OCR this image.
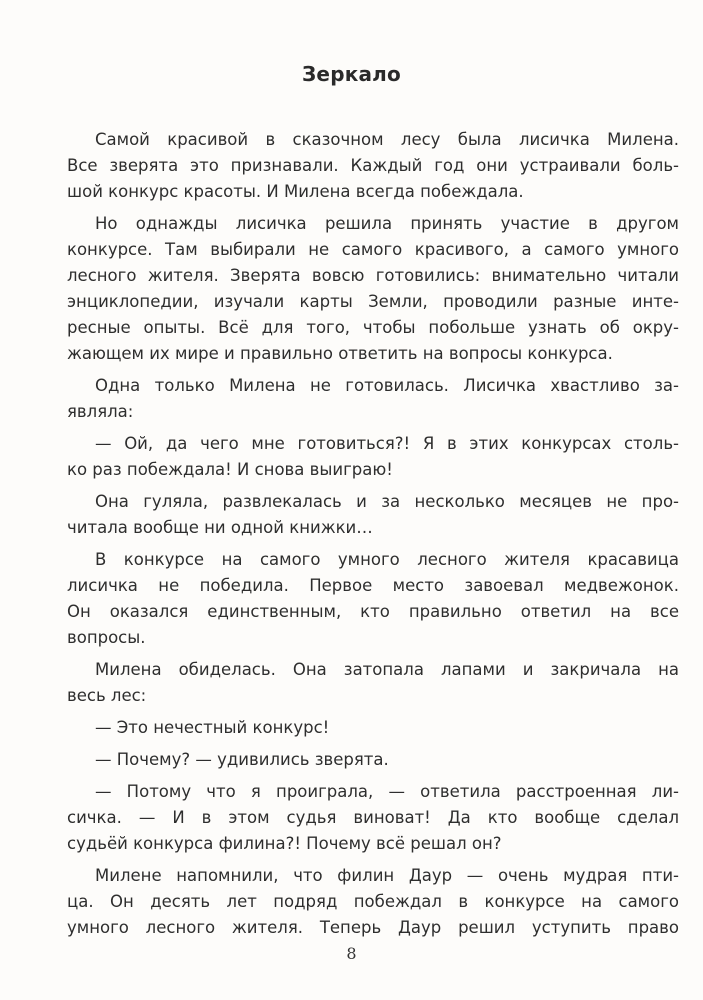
Зеркало
Самой красивой в сказочном лесу была лисичка Милена.
Все зверята это признавали. Каждый год они устраивали боль-
шой конкурс красоты. И Милена всегда побеждала.
Но однажды лисичка решила принять участие в другом
конкурсе. Там выбирали не самого красивого, а самого умного
лесного жителя. Зверята вовсю готовились: внимательно читали
энциклопедии, изучали карты Земли, проводили разные инте-
ресные опыты. Всё для того, чтобы побольше узнать об окру-
жающем их мире и правильно ответить на вопросы конкурса.
Одна только Милена не готовилась. Лисичка хвастливо за-
являла:
— Ой, да чего мне готовиться?! Я в этих конкурсах столь-
ко раз побеждала! И снова выиграю!
Она гуляла, развлекалась и за несколько месяцев не про-
читала вообще ни одной книжки…
В конкурсе на самого умного лесного жителя красавица
лисичка не победила. Первое место завоевал медвежонок.
Он оказался единственным, кто правильно ответил на все
вопросы.
Милена обиделась. Она затопала лапами и закричала на
весь лес:
— Это нечестный конкурс!
— Почему? — удивились зверята.
— Потому что я проиграла, — ответила расстроенная ли-
сичка. — И в этом судья виноват! Да кто вообще сделал
судьёй конкурса филина?! Почему всё решал он?
Милене напомнили, что филин Даур — очень мудрая пти-
ца. Он десять лет подряд побеждал в конкурсе на самого
умного лесного жителя. Теперь Даур решил уступить право
8
